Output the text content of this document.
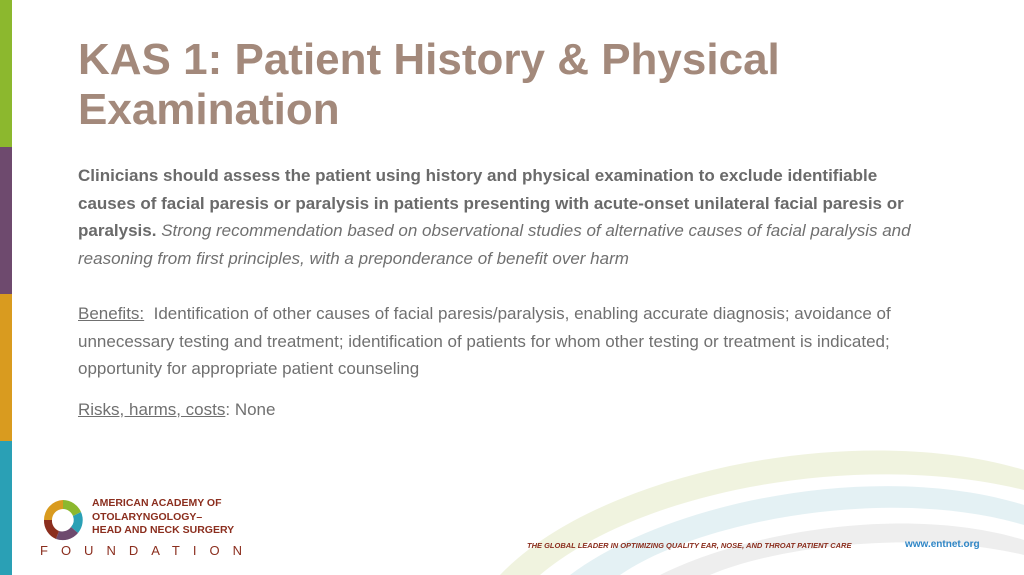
KAS 1: Patient History & Physical Examination
Clinicians should assess the patient using history and physical examination to exclude identifiable causes of facial paresis or paralysis in patients presenting with acute-onset unilateral facial paresis or paralysis. Strong recommendation based on observational studies of alternative causes of facial paralysis and reasoning from first principles, with a preponderance of benefit over harm
Benefits: Identification of other causes of facial paresis/paralysis, enabling accurate diagnosis; avoidance of unnecessary testing and treatment; identification of patients for whom other testing or treatment is indicated; opportunity for appropriate patient counseling
Risks, harms, costs: None
AMERICAN ACADEMY OF
OTOLARYNGOLOGY–
HEAD AND NECK SURGERY
FOUNDATION	THE GLOBAL LEADER IN OPTIMIZING QUALITY EAR, NOSE, AND THROAT PATIENT CARE	www.entnet.org
